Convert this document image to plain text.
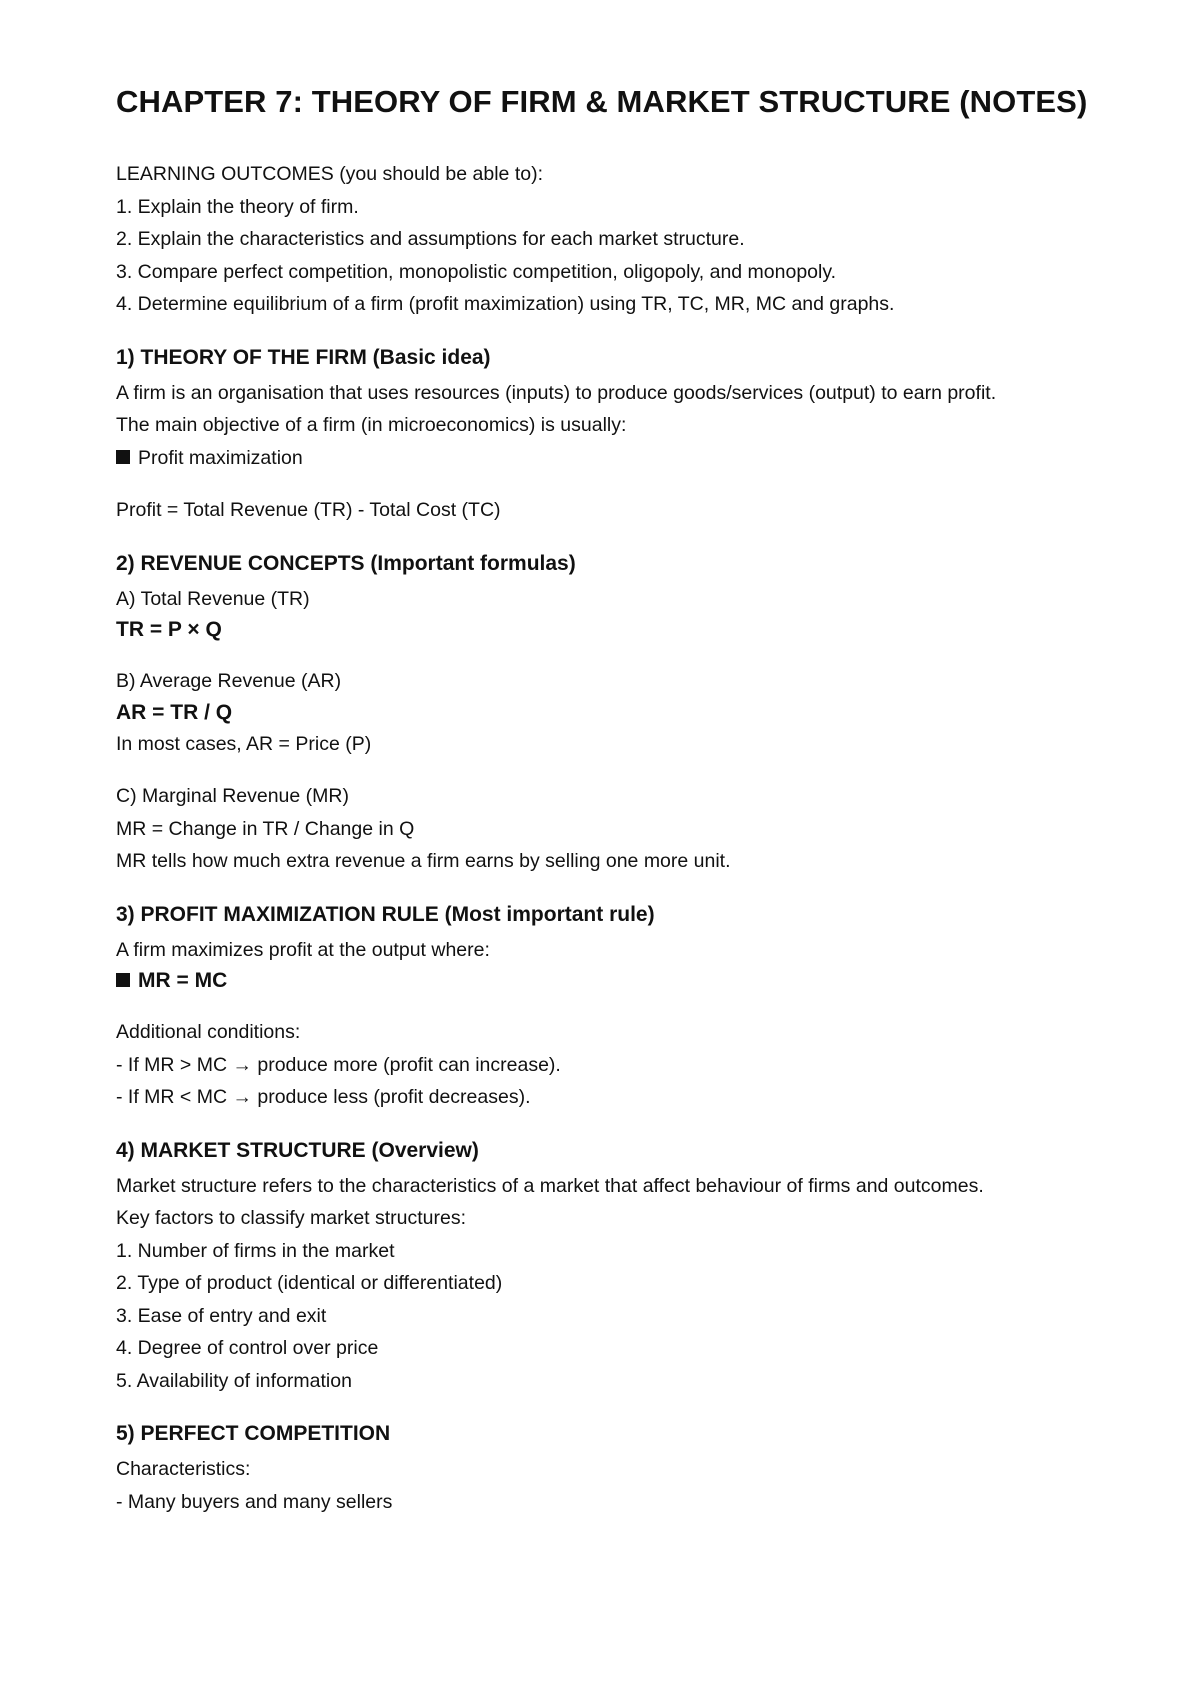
CHAPTER 7: THEORY OF FIRM & MARKET STRUCTURE (NOTES)

LEARNING OUTCOMES (you should be able to):

1. Explain the theory of firm.

2. Explain the characteristics and assumptions for each market structure.

3. Compare perfect competition, monopolistic competition, oligopoly, and monopoly.

4. Determine equilibrium of a firm (profit maximization) using TR, TC, MR, MC and graphs.

1) THEORY OF THE FIRM (Basic idea)

A firm is an organisation that uses resources (inputs) to produce goods/services (output) to earn profit.

The main objective of a firm (in microeconomics) is usually:

Profit maximization

Profit = Total Revenue (TR) - Total Cost (TC)

2) REVENUE CONCEPTS (Important formulas)

A) Total Revenue (TR)

TR = P × Q

B) Average Revenue (AR)

AR = TR / Q

In most cases, AR = Price (P)

C) Marginal Revenue (MR)

MR = Change in TR / Change in Q

MR tells how much extra revenue a firm earns by selling one more unit.

3) PROFIT MAXIMIZATION RULE (Most important rule)

A firm maximizes profit at the output where:

MR = MC

Additional conditions:

- If MR > MC → produce more (profit can increase).

- If MR < MC → produce less (profit decreases).

4) MARKET STRUCTURE (Overview)

Market structure refers to the characteristics of a market that affect behaviour of firms and outcomes.

Key factors to classify market structures:

1. Number of firms in the market

2. Type of product (identical or differentiated)

3. Ease of entry and exit

4. Degree of control over price

5. Availability of information

5) PERFECT COMPETITION

Characteristics:

- Many buyers and many sellers
